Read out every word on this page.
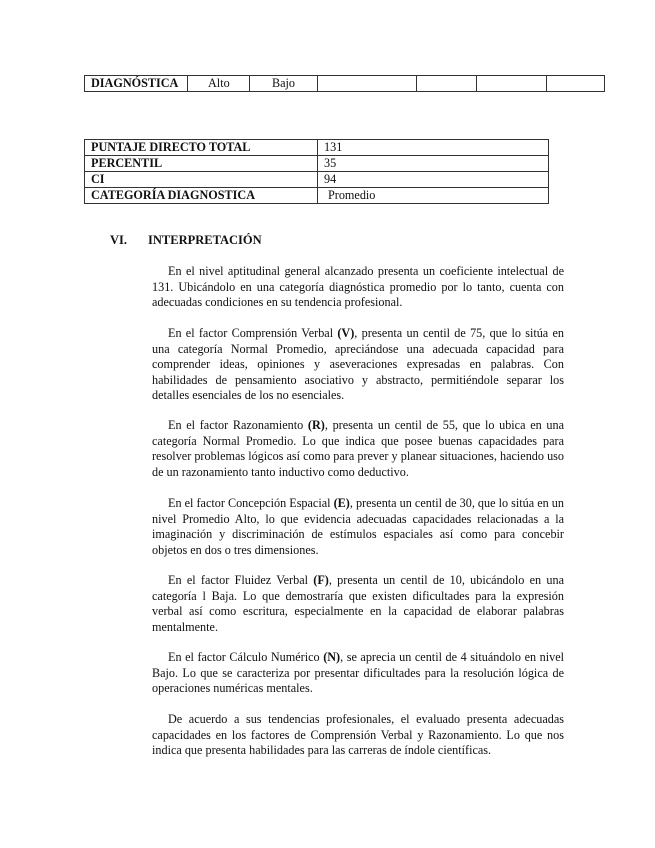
DIAGNÓSTICA	Alto	Bajo				
PUNTAJE DIRECTO TOTAL	131
PERCENTIL	35
CI	94
CATEGORÍA DIAGNOSTICA	Promedio
VI. INTERPRETACIÓN

En el nivel aptitudinal general alcanzado presenta un coeficiente intelectual de 131. Ubicándolo en una categoría diagnóstica promedio por lo tanto, cuenta con adecuadas condiciones en su tendencia profesional.

En el factor Comprensión Verbal (V), presenta un centil de 75, que lo sitúa en una categoría Normal Promedio, apreciándose una adecuada capacidad para comprender ideas, opiniones y aseveraciones expresadas en palabras. Con habilidades de pensamiento asociativo y abstracto, permitiéndole separar los detalles esenciales de los no esenciales.

En el factor Razonamiento (R), presenta un centil de 55, que lo ubica en una categoría Normal Promedio. Lo que indica que posee buenas capacidades para resolver problemas lógicos así como para prever y planear situaciones, haciendo uso de un razonamiento tanto inductivo como deductivo.

En el factor Concepción Espacial (E), presenta un centil de 30, que lo sitúa en un nivel Promedio Alto, lo que evidencia adecuadas capacidades relacionadas a la imaginación y discriminación de estímulos espaciales así como para concebir objetos en dos o tres dimensiones.

En el factor Fluidez Verbal (F), presenta un centil de 10, ubicándolo en una categoría l Baja. Lo que demostraría que existen dificultades para la expresión verbal así como escritura, especialmente en la capacidad de elaborar palabras mentalmente.

En el factor Cálculo Numérico (N), se aprecia un centil de 4 situándolo en nivel Bajo. Lo que se caracteriza por presentar dificultades para la resolución lógica de operaciones numéricas mentales.

De acuerdo a sus tendencias profesionales, el evaluado presenta adecuadas capacidades en los factores de Comprensión Verbal y Razonamiento. Lo que nos indica que presenta habilidades para las carreras de índole científicas.
